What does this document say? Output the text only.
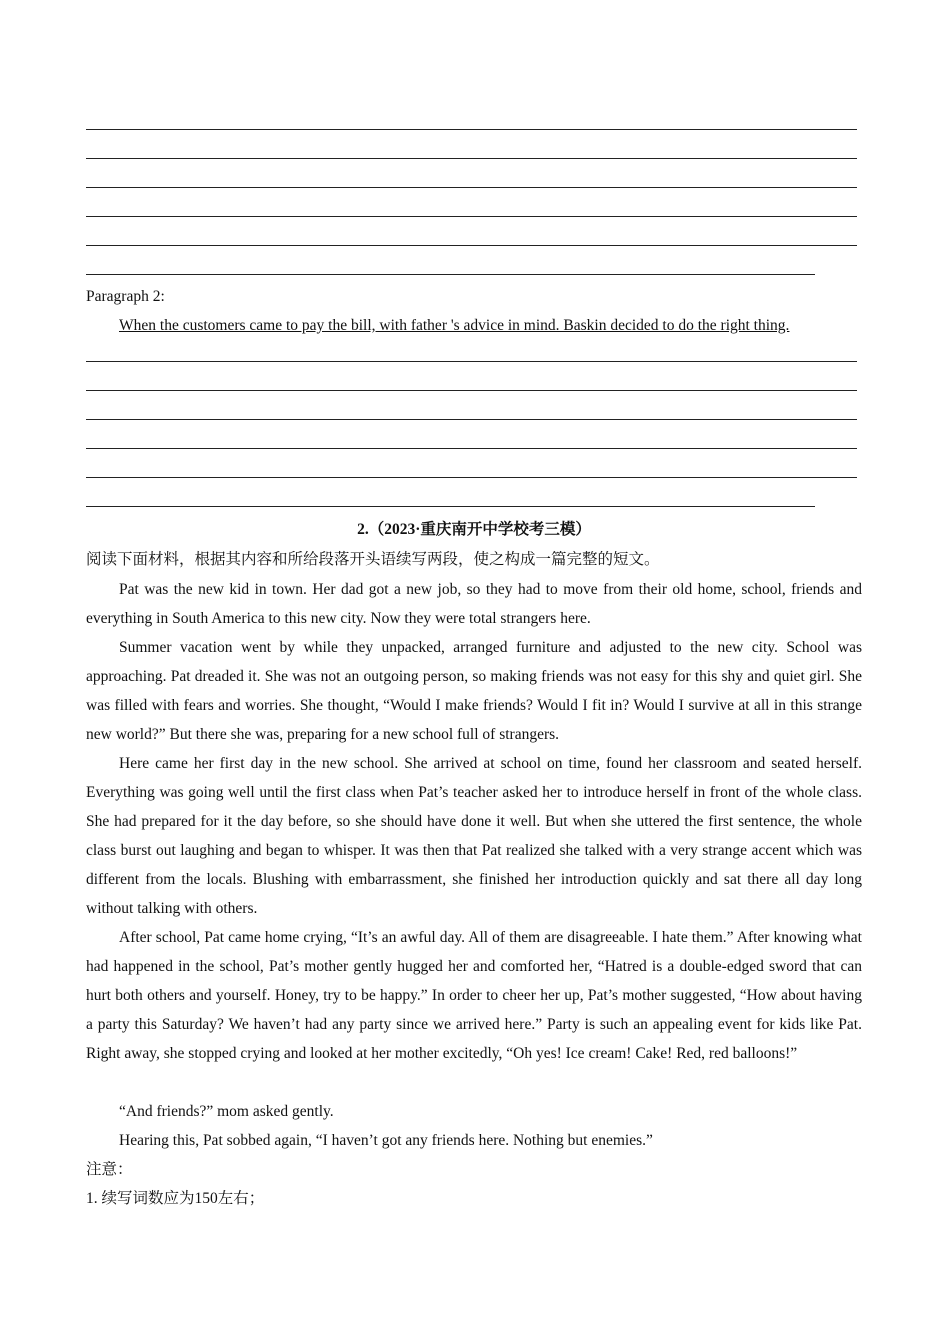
Paragraph 2:
When the customers came to pay the bill, with father 's advice in mind. Baskin decided to do the right thing.
2.（2023·重庆南开中学校考三模）
阅读下面材料，根据其内容和所给段落开头语续写两段，使之构成一篇完整的短文。
Pat was the new kid in town. Her dad got a new job, so they had to move from their old home, school, friends and everything in South America to this new city. Now they were total strangers here.
Summer vacation went by while they unpacked, arranged furniture and adjusted to the new city. School was approaching. Pat dreaded it. She was not an outgoing person, so making friends was not easy for this shy and quiet girl. She was filled with fears and worries. She thought, “Would I make friends? Would I fit in? Would I survive at all in this strange new world?” But there she was, preparing for a new school full of strangers.
Here came her first day in the new school. She arrived at school on time, found her classroom and seated herself. Everything was going well until the first class when Pat’s teacher asked her to introduce herself in front of the whole class. She had prepared for it the day before, so she should have done it well. But when she uttered the first sentence, the whole class burst out laughing and began to whisper. It was then that Pat realized she talked with a very strange accent which was different from the locals. Blushing with embarrassment, she finished her introduction quickly and sat there all day long without talking with others.
After school, Pat came home crying, “It’s an awful day. All of them are disagreeable. I hate them.” After knowing what had happened in the school, Pat’s mother gently hugged her and comforted her, “Hatred is a double-edged sword that can hurt both others and yourself. Honey, try to be happy.” In order to cheer her up, Pat’s mother suggested, “How about having a party this Saturday? We haven’t had any party since we arrived here.” Party is such an appealing event for kids like Pat. Right away, she stopped crying and looked at her mother excitedly, “Oh yes! Ice cream! Cake! Red, red balloons!”
“And friends?” mom asked gently.
Hearing this, Pat sobbed again, “I haven’t got any friends here. Nothing but enemies.”
注意：
1. 续写词数应为150左右；
